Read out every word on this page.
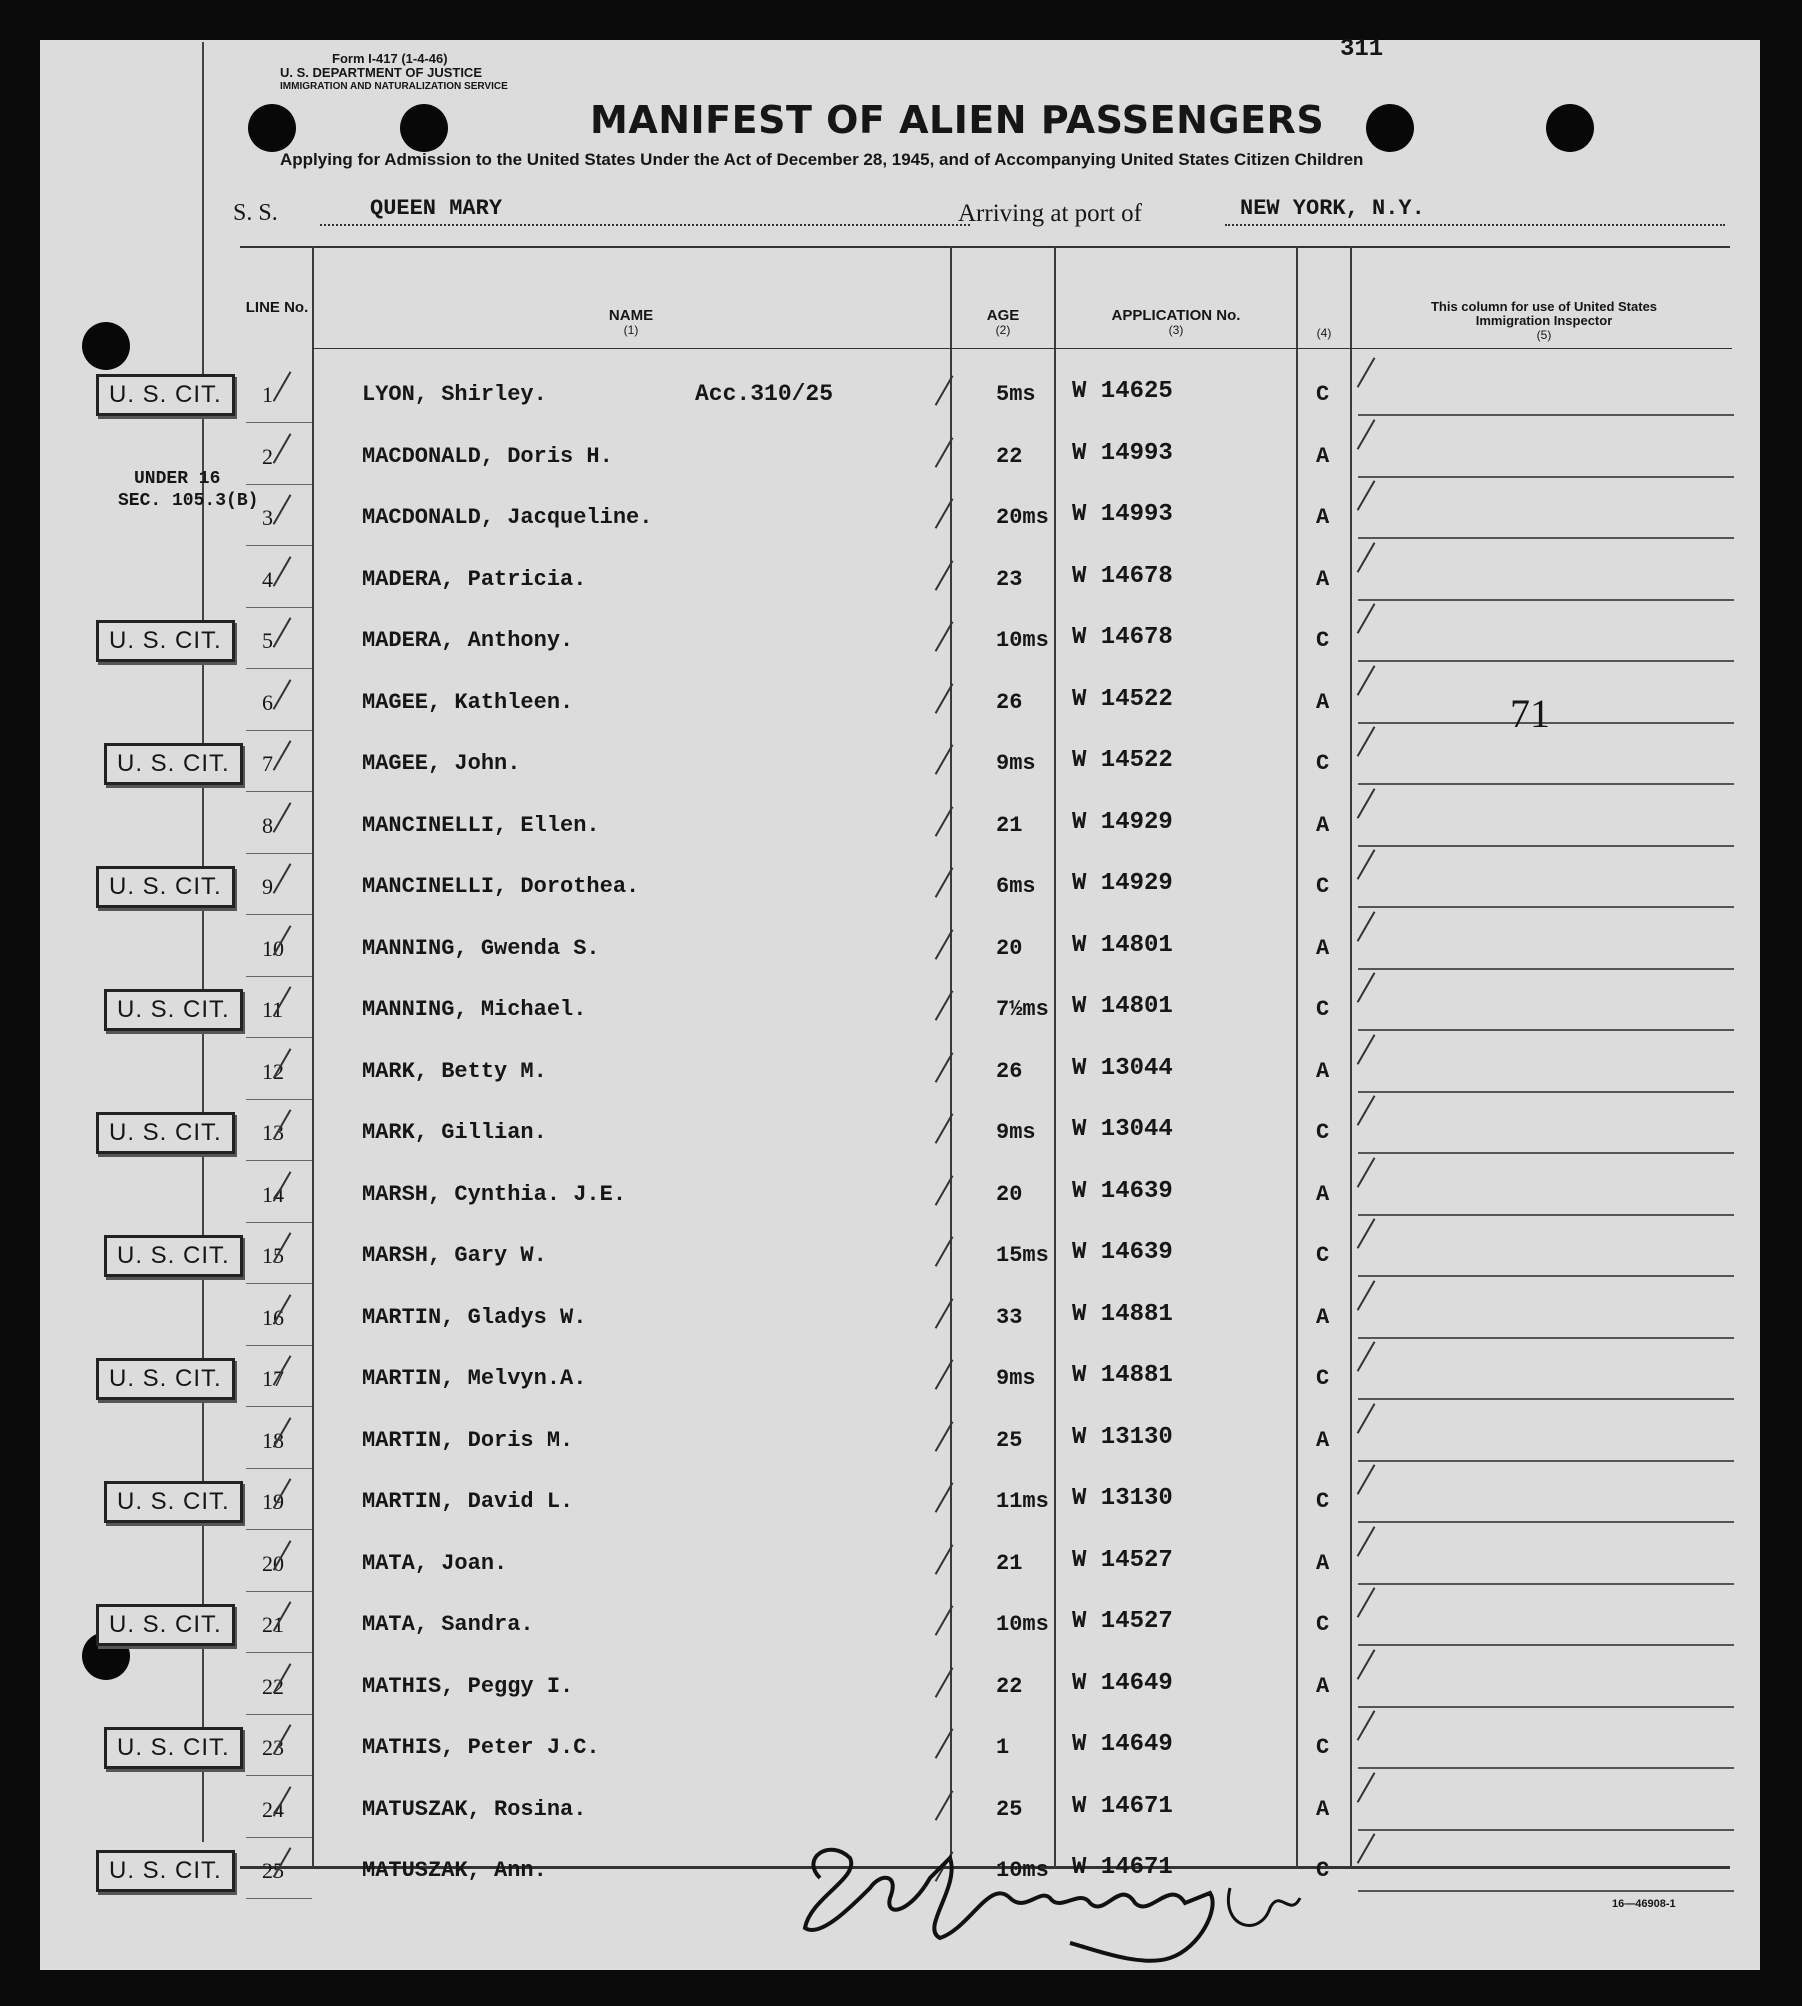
Form I-417 (1-4-46)
U. S. DEPARTMENT OF JUSTICE
IMMIGRATION AND NATURALIZATION SERVICE
311
MANIFEST OF ALIEN PASSENGERS
Applying for Admission to the United States Under the Act of December 28, 1945, and of Accompanying United States Citizen Children
S. S.	QUEEN MARY	Arriving at port of	NEW YORK, N.Y.
LINE No.	NAME
(1)
AGE
(2)
APPLICATION No.
(3)	(4)
This column for use of United States
Immigration Inspector
(5)
1	LYON, Shirley.	5ms W 14625	C
2	MACDONALD, Doris H.	22 W 14993	A
3	MACDONALD, Jacqueline.	20ms W 14993	A
4	MADERA, Patricia.	23 W 14678	A
5	MADERA, Anthony.	10ms W 14678	C
6	MAGEE, Kathleen.	26 W 14522	A
7	MAGEE, John.	9ms W 14522	C
8	MANCINELLI, Ellen.	21 W 14929	A
9	MANCINELLI, Dorothea.	6ms W 14929	C
10	MANNING, Gwenda S.	20 W 14801	A
11	MANNING, Michael.	7½ms W 14801	C
12	MARK, Betty M.	26 W 13044	A
13	MARK, Gillian.	9ms W 13044	C
14	MARSH, Cynthia. J.E.	20 W 14639	A
15	MARSH, Gary W.	15ms W 14639	C
16	MARTIN, Gladys W.	33 W 14881	A
17	MARTIN, Melvyn.A.	9ms W 14881	C
18	MARTIN, Doris M.	25 W 13130	A
19	MARTIN, David L.	11ms W 13130	C
20	MATA, Joan.	21 W 14527	A
21	MATA, Sandra.	10ms W 14527	C
22	MATHIS, Peggy I.	22 W 14649	A
23	MATHIS, Peter J.C.	1	W 14649	C
24	MATUSZAK, Rosina.	25 W 14671	A
25	MATUSZAK, Ann.	10ms W 14671	C
UNDER 16
SEC. 105.3(B)
Acc.310/25
71
U. S. CIT.
U. S. CIT.
U. S. CIT.
U. S. CIT.
U. S. CIT.
U. S. CIT.
U. S. CIT.
U. S. CIT.
U. S. CIT.
U. S. CIT.
U. S. CIT.
U. S. CIT.
16—46908-1
